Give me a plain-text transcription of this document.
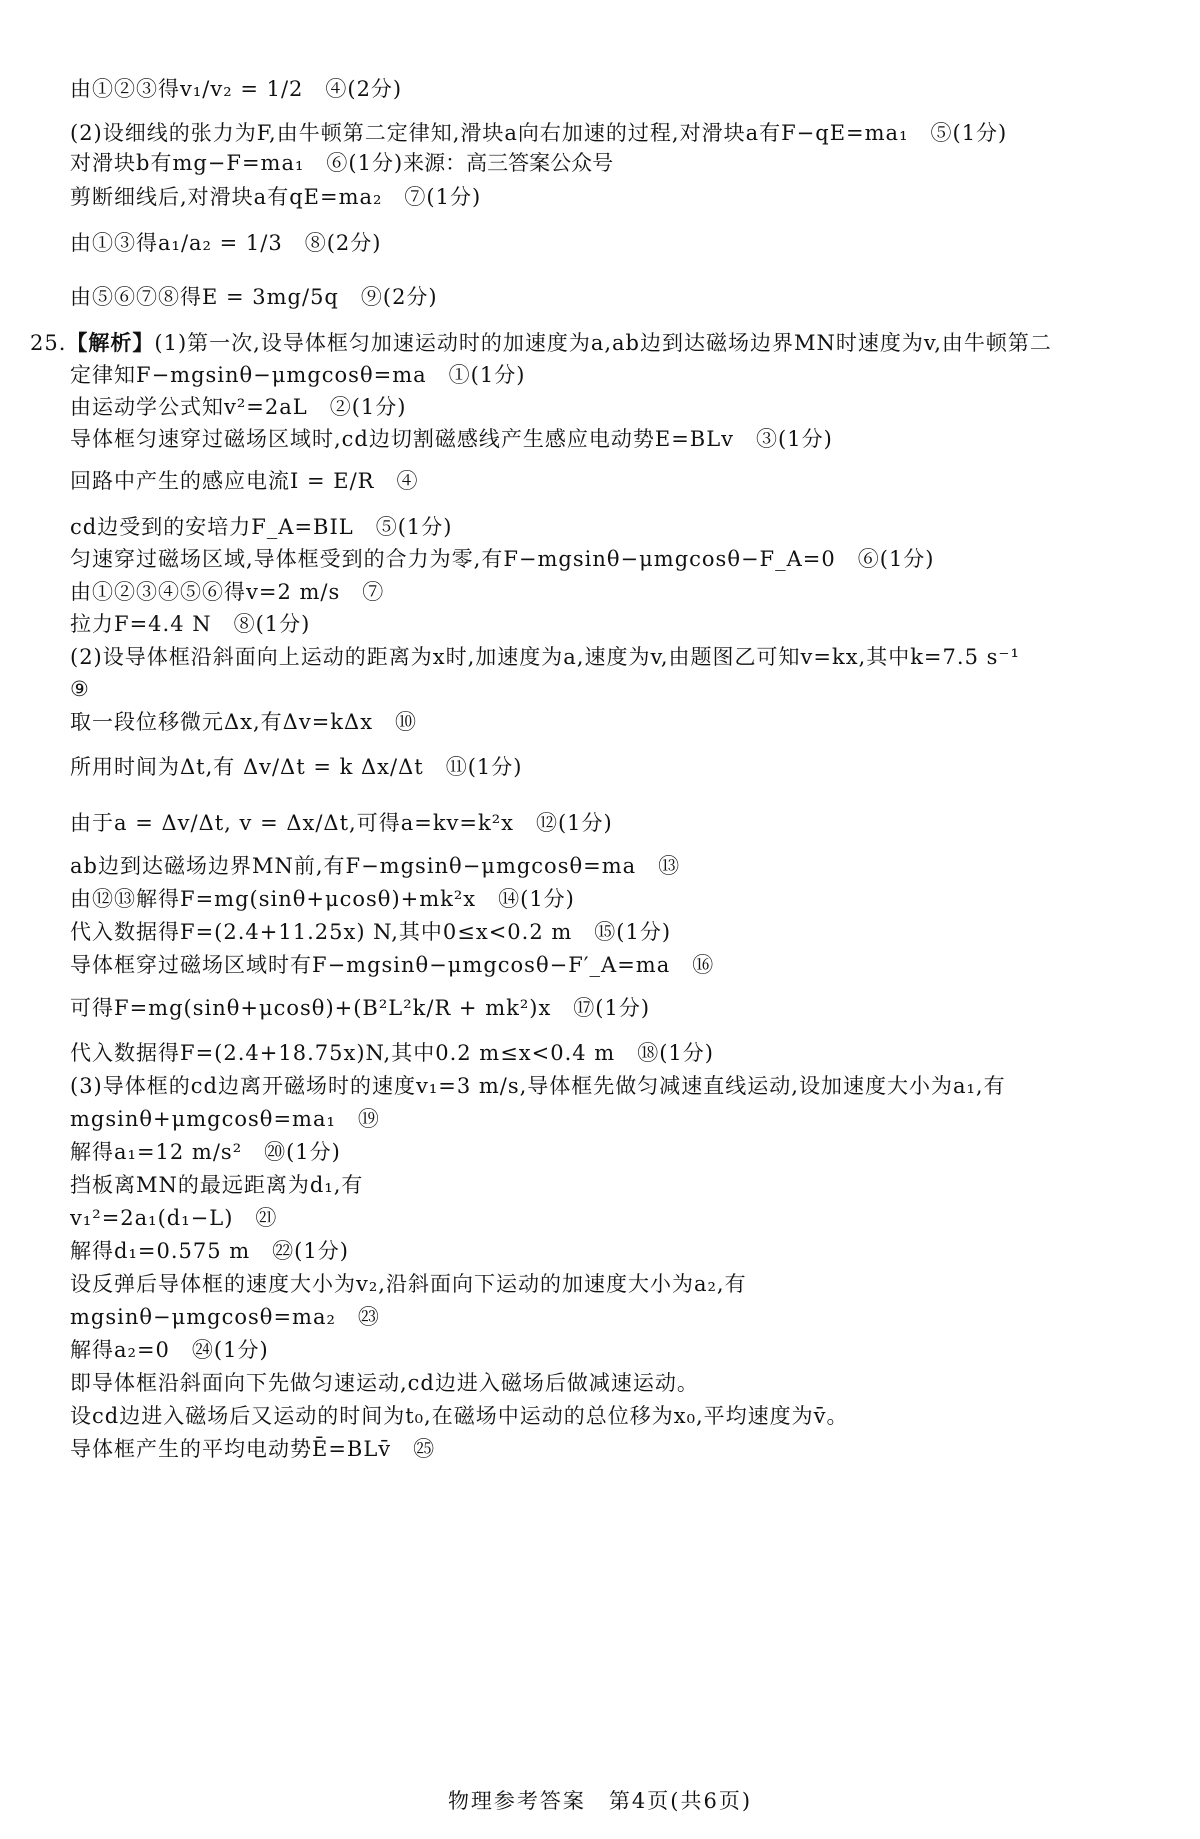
由①②③得v₁/v₂ = 1/2　④(2分)
(2)设细线的张力为F,由牛顿第二定律知,滑块a向右加速的过程,对滑块a有F−qE=ma₁　⑤(1分)
对滑块b有mg−F=ma₁　⑥(1分)来源：高三答案公众号
剪断细线后,对滑块a有qE=ma₂　⑦(1分)
由①③得a₁/a₂ = 1/3　⑧(2分)
由⑤⑥⑦⑧得E = 3mg/5q　⑨(2分)
25.【解析】(1)第一次,设导体框匀加速运动时的加速度为a,ab边到达磁场边界MN时速度为v,由牛顿第二
定律知F−mgsinθ−μmgcosθ=ma　①(1分)
由运动学公式知v²=2aL　②(1分)
导体框匀速穿过磁场区域时,cd边切割磁感线产生感应电动势E=BLv　③(1分)
回路中产生的感应电流I = E/R　④
cd边受到的安培力F_A=BIL　⑤(1分)
匀速穿过磁场区域,导体框受到的合力为零,有F−mgsinθ−μmgcosθ−F_A=0　⑥(1分)
由①②③④⑤⑥得v=2 m/s　⑦
拉力F=4.4 N　⑧(1分)
(2)设导体框沿斜面向上运动的距离为x时,加速度为a,速度为v,由题图乙可知v=kx,其中k=7.5 s⁻¹
⑨
取一段位移微元Δx,有Δv=kΔx　⑩
所用时间为Δt,有 Δv/Δt = k Δx/Δt　⑪(1分)
由于a = Δv/Δt, v = Δx/Δt,可得a=kv=k²x　⑫(1分)
ab边到达磁场边界MN前,有F−mgsinθ−μmgcosθ=ma　⑬
由⑫⑬解得F=mg(sinθ+μcosθ)+mk²x　⑭(1分)
代入数据得F=(2.4+11.25x) N,其中0≤x<0.2 m　⑮(1分)
导体框穿过磁场区域时有F−mgsinθ−μmgcosθ−F′_A=ma　⑯
可得F=mg(sinθ+μcosθ)+(B²L²k/R + mk²)x　⑰(1分)
代入数据得F=(2.4+18.75x)N,其中0.2 m≤x<0.4 m　⑱(1分)
(3)导体框的cd边离开磁场时的速度v₁=3 m/s,导体框先做匀减速直线运动,设加速度大小为a₁,有
mgsinθ+μmgcosθ=ma₁　⑲
解得a₁=12 m/s²　⑳(1分)
挡板离MN的最远距离为d₁,有
v₁²=2a₁(d₁−L)　㉑
解得d₁=0.575 m　㉒(1分)
设反弹后导体框的速度大小为v₂,沿斜面向下运动的加速度大小为a₂,有
mgsinθ−μmgcosθ=ma₂　㉓
解得a₂=0　㉔(1分)
即导体框沿斜面向下先做匀速运动,cd边进入磁场后做减速运动。
设cd边进入磁场后又运动的时间为t₀,在磁场中运动的总位移为x₀,平均速度为v̄。
导体框产生的平均电动势Ē=BLv̄　㉕
物理参考答案　第4页(共6页)
